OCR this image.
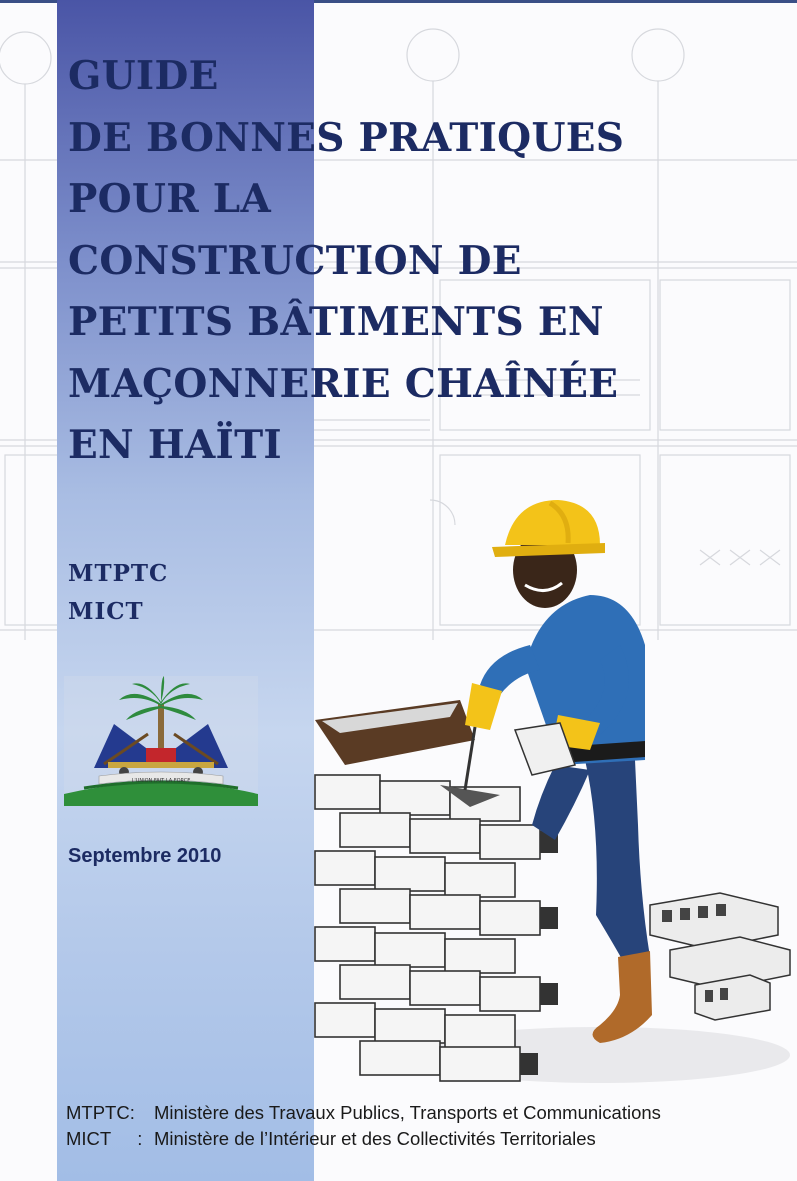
GUIDE
DE BONNES PRATIQUES
POUR LA
CONSTRUCTION DE
PETITS BÂTIMENTS EN
MAÇONNERIE CHAÎNÉE
EN HAÏTI
MTPTC
MICT
L'UNION FAIT LA FORCE
Septembre 2010
MTPTC:	Ministère des Travaux Publics, Transports et Communications
MICT : Ministère de l’Intérieur et des Collectivités Territoriales
